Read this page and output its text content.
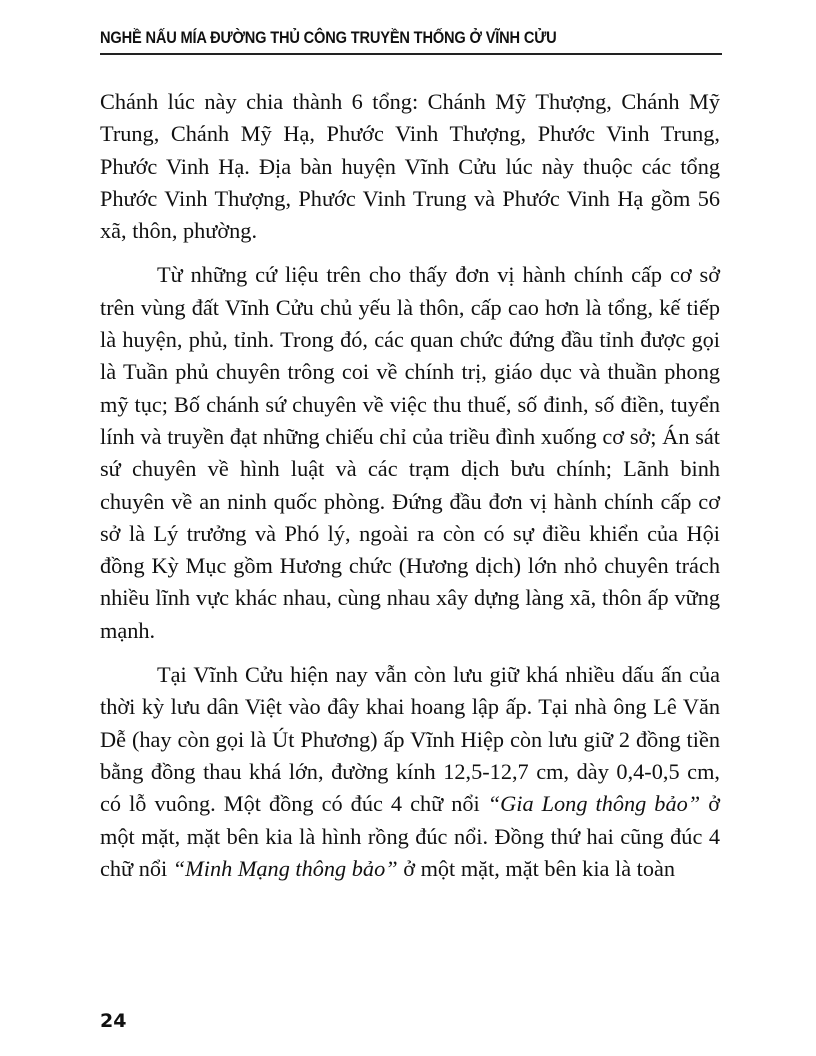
NGHỀ NẤU MÍA ĐƯỜNG THỦ CÔNG TRUYỀN THỐNG Ở VĨNH CỬU

Chánh lúc này chia thành 6 tổng: Chánh Mỹ Thượng, Chánh Mỹ Trung, Chánh Mỹ Hạ, Phước Vinh Thượng, Phước Vinh Trung, Phước Vinh Hạ. Địa bàn huyện Vĩnh Cửu lúc này thuộc các tổng Phước Vinh Thượng, Phước Vinh Trung và Phước Vinh Hạ gồm 56 xã, thôn, phường.

Từ những cứ liệu trên cho thấy đơn vị hành chính cấp cơ sở trên vùng đất Vĩnh Cửu chủ yếu là thôn, cấp cao hơn là tổng, kế tiếp là huyện, phủ, tỉnh. Trong đó, các quan chức đứng đầu tỉnh được gọi là Tuần phủ chuyên trông coi về chính trị, giáo dục và thuần phong mỹ tục; Bố chánh sứ chuyên về việc thu thuế, số đinh, số điền, tuyển lính và truyền đạt những chiếu chỉ của triều đình xuống cơ sở; Án sát sứ chuyên về hình luật và các trạm dịch bưu chính; Lãnh binh chuyên về an ninh quốc phòng. Đứng đầu đơn vị hành chính cấp cơ sở là Lý trưởng và Phó lý, ngoài ra còn có sự điều khiển của Hội đồng Kỳ Mục gồm Hương chức (Hương dịch) lớn nhỏ chuyên trách nhiều lĩnh vực khác nhau, cùng nhau xây dựng làng xã, thôn ấp vững mạnh.

Tại Vĩnh Cửu hiện nay vẫn còn lưu giữ khá nhiều dấu ấn của thời kỳ lưu dân Việt vào đây khai hoang lập ấp. Tại nhà ông Lê Văn Dễ (hay còn gọi là Út Phương) ấp Vĩnh Hiệp còn lưu giữ 2 đồng tiền bằng đồng thau khá lớn, đường kính 12,5-12,7 cm, dày 0,4-0,5 cm, có lỗ vuông. Một đồng có đúc 4 chữ nổi “Gia Long thông bảo” ở một mặt, mặt bên kia là hình rồng đúc nổi. Đồng thứ hai cũng đúc 4 chữ nổi “Minh Mạng thông bảo” ở một mặt, mặt bên kia là toàn

24
